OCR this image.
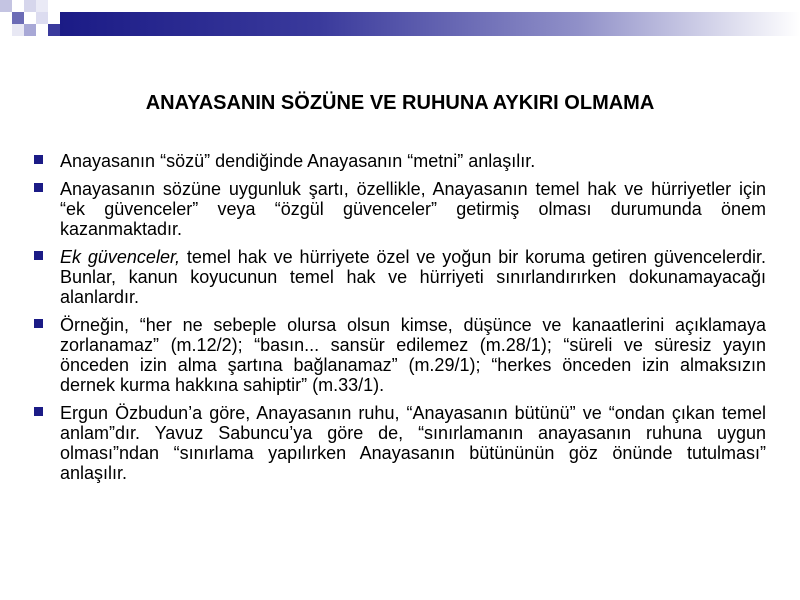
ANAYASANIN SÖZÜNE VE RUHUNA AYKIRI OLMAMA
Anayasanın “sözü” dendiğinde Anayasanın “metni” anlaşılır.
Anayasanın sözüne uygunluk şartı, özellikle, Anayasanın temel hak ve hürriyetler için “ek güvenceler” veya “özgül güvenceler” getirmiş olması durumunda önem kazanmaktadır.
Ek güvenceler, temel hak ve hürriyete özel ve yoğun bir koruma getiren güvencelerdir. Bunlar, kanun koyucunun temel hak ve hürriyeti sınırlandırırken dokunamayacağı alanlardır.
Örneğin, “her ne sebeple olursa olsun kimse, düşünce ve kanaatlerini açıklamaya zorlanamaz” (m.12/2); “basın... sansür edilemez (m.28/1); “süreli ve süresiz yayın önceden izin alma şartına bağlanamaz” (m.29/1); “herkes önceden izin almaksızın dernek kurma hakkına sahiptir” (m.33/1).
Ergun Özbudun’a göre, Anayasanın ruhu, “Anayasanın bütünü” ve “ondan çıkan temel anlam”dır. Yavuz Sabuncu’ya göre de, “sınırlamanın anayasanın ruhuna uygun olması”ndan “sınırlama yapılırken Anayasanın bütününün göz önünde tutulması” anlaşılır.
